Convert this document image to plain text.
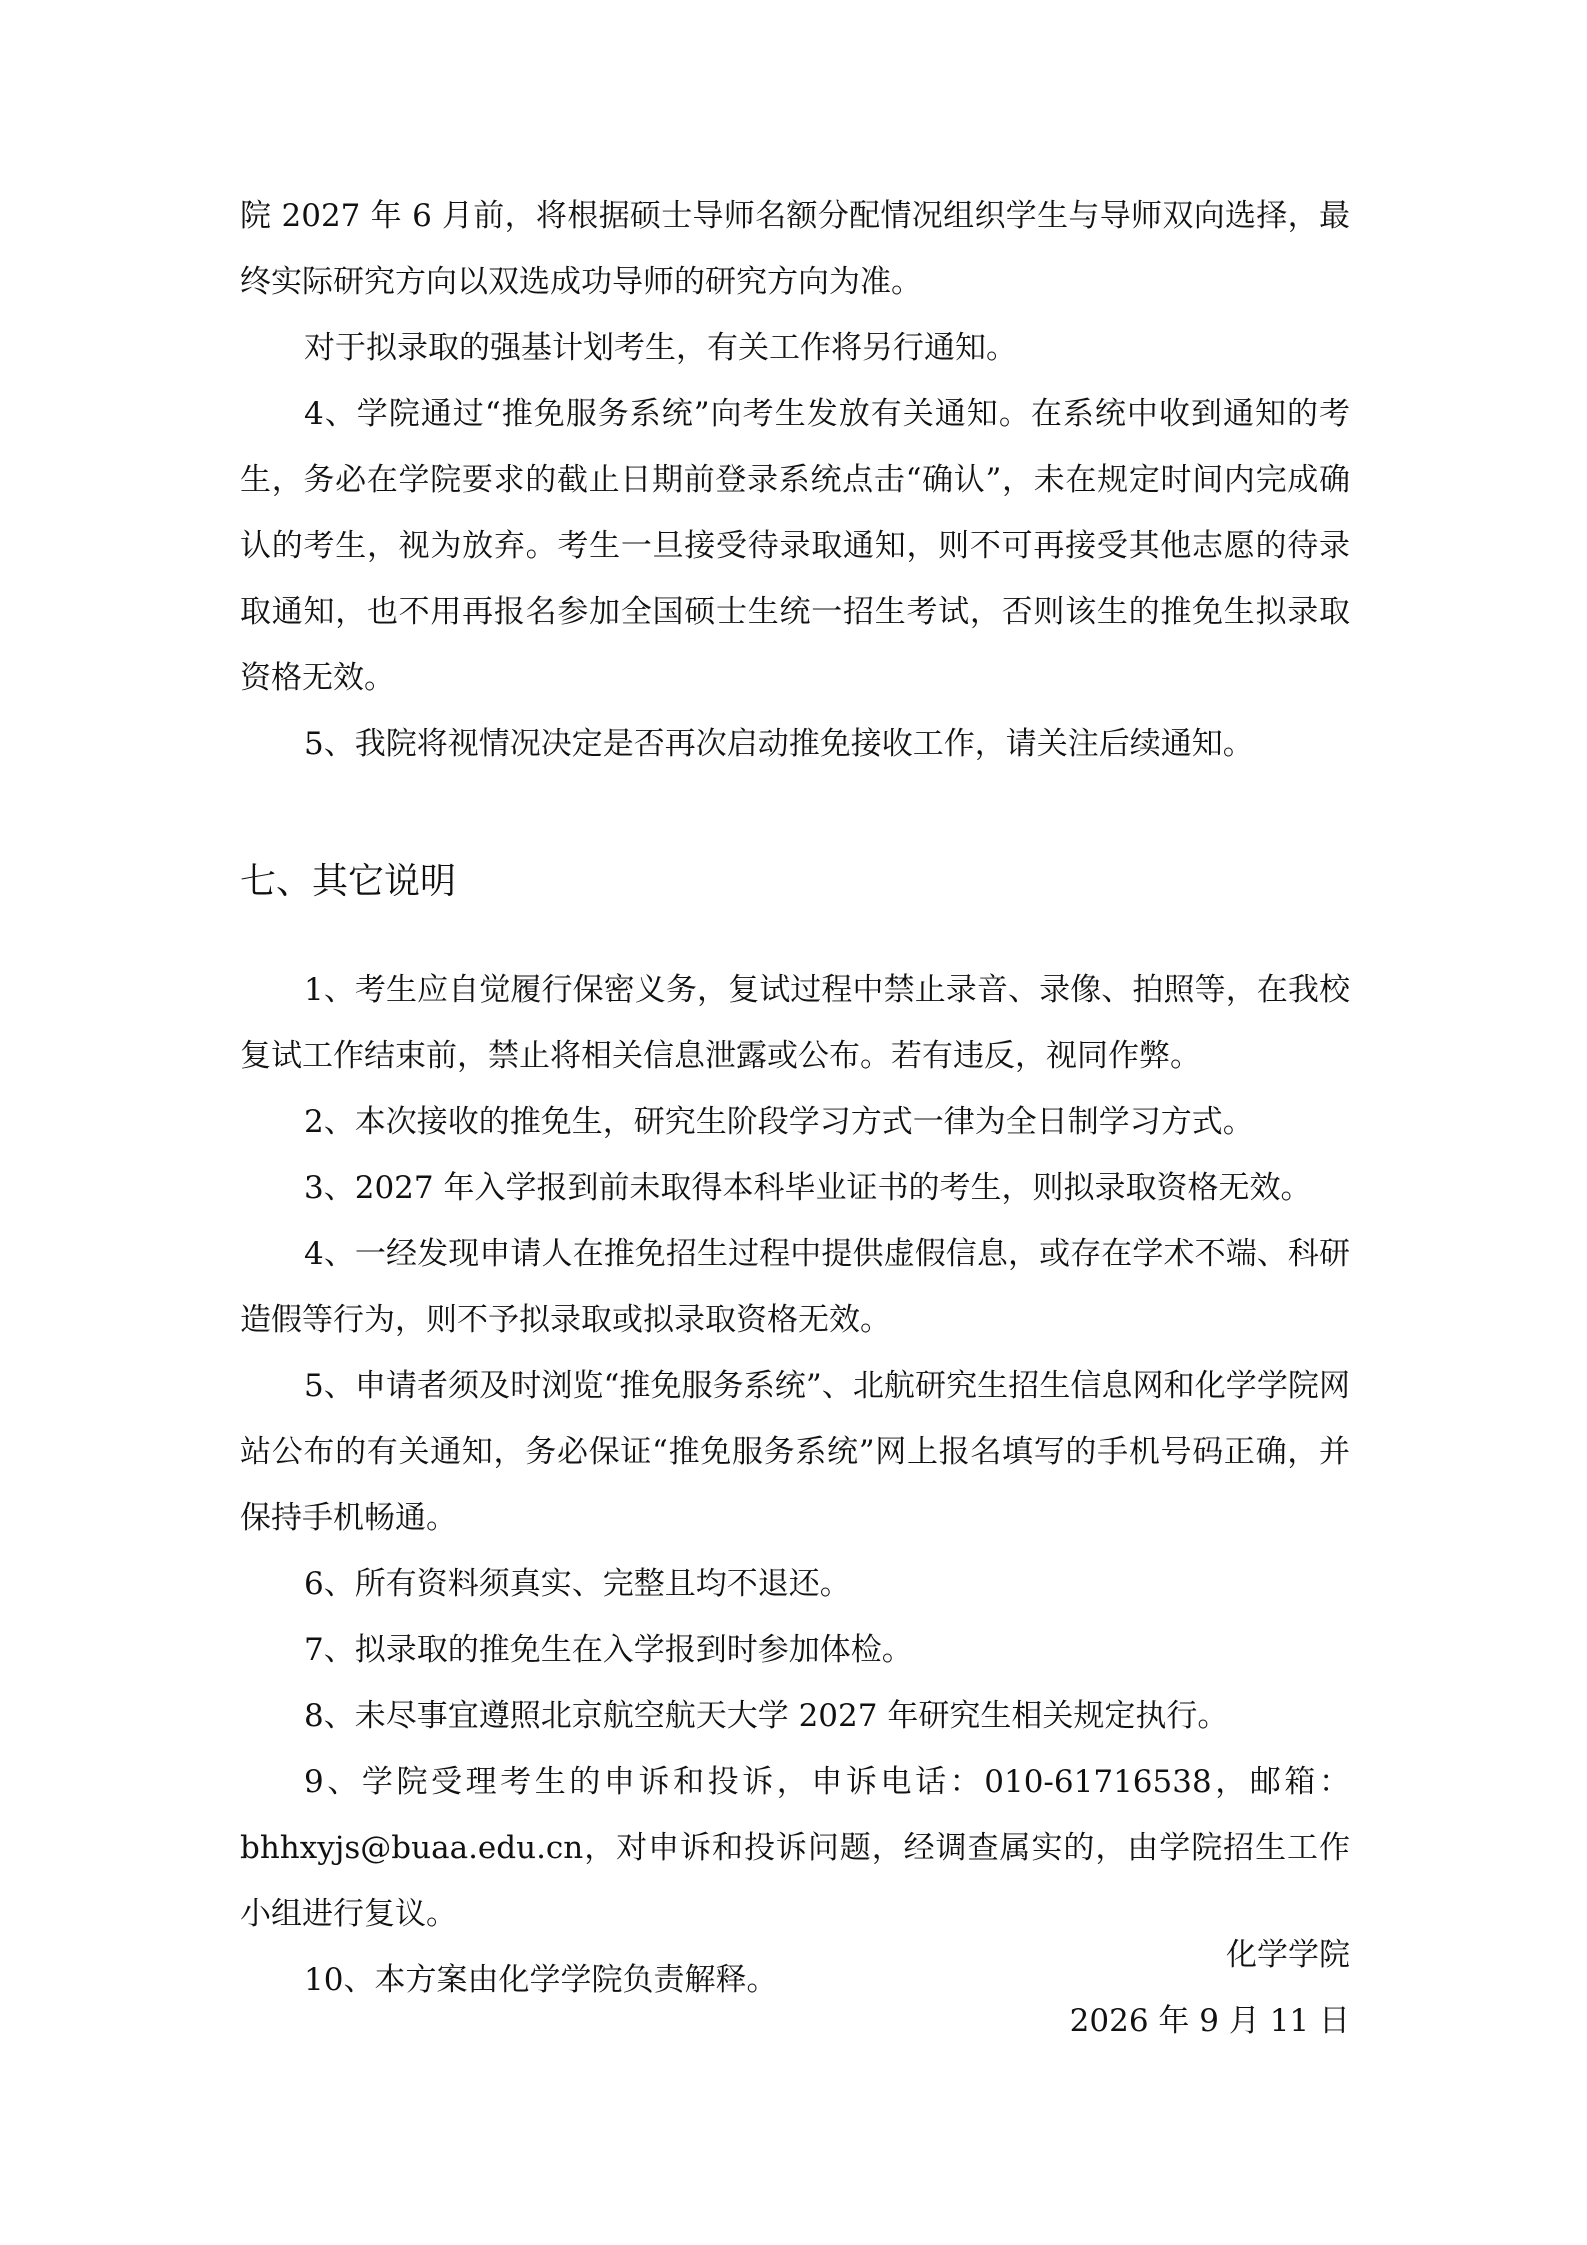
院 2027 年 6 月前，将根据硕士导师名额分配情况组织学生与导师双向选择，最终实际研究方向以双选成功导师的研究方向为准。

对于拟录取的强基计划考生，有关工作将另行通知。

4、学院通过“推免服务系统”向考生发放有关通知。在系统中收到通知的考生，务必在学院要求的截止日期前登录系统点击“确认”，未在规定时间内完成确认的考生，视为放弃。考生一旦接受待录取通知，则不可再接受其他志愿的待录取通知，也不用再报名参加全国硕士生统一招生考试，否则该生的推免生拟录取资格无效。

5、我院将视情况决定是否再次启动推免接收工作，请关注后续通知。

七、其它说明

1、考生应自觉履行保密义务，复试过程中禁止录音、录像、拍照等，在我校复试工作结束前，禁止将相关信息泄露或公布。若有违反，视同作弊。

2、本次接收的推免生，研究生阶段学习方式一律为全日制学习方式。

3、2027 年入学报到前未取得本科毕业证书的考生，则拟录取资格无效。

4、一经发现申请人在推免招生过程中提供虚假信息，或存在学术不端、科研造假等行为，则不予拟录取或拟录取资格无效。

5、申请者须及时浏览“推免服务系统”、北航研究生招生信息网和化学学院网站公布的有关通知，务必保证“推免服务系统”网上报名填写的手机号码正确，并保持手机畅通。

6、所有资料须真实、完整且均不退还。

7、拟录取的推免生在入学报到时参加体检。

8、未尽事宜遵照北京航空航天大学 2027 年研究生相关规定执行。

9、学院受理考生的申诉和投诉，申诉电话：010-61716538，邮箱：bhhxyjs@buaa.edu.cn，对申诉和投诉问题，经调查属实的，由学院招生工作小组进行复议。

10、本方案由化学学院负责解释。

化学学院

2026 年 9 月 11 日
